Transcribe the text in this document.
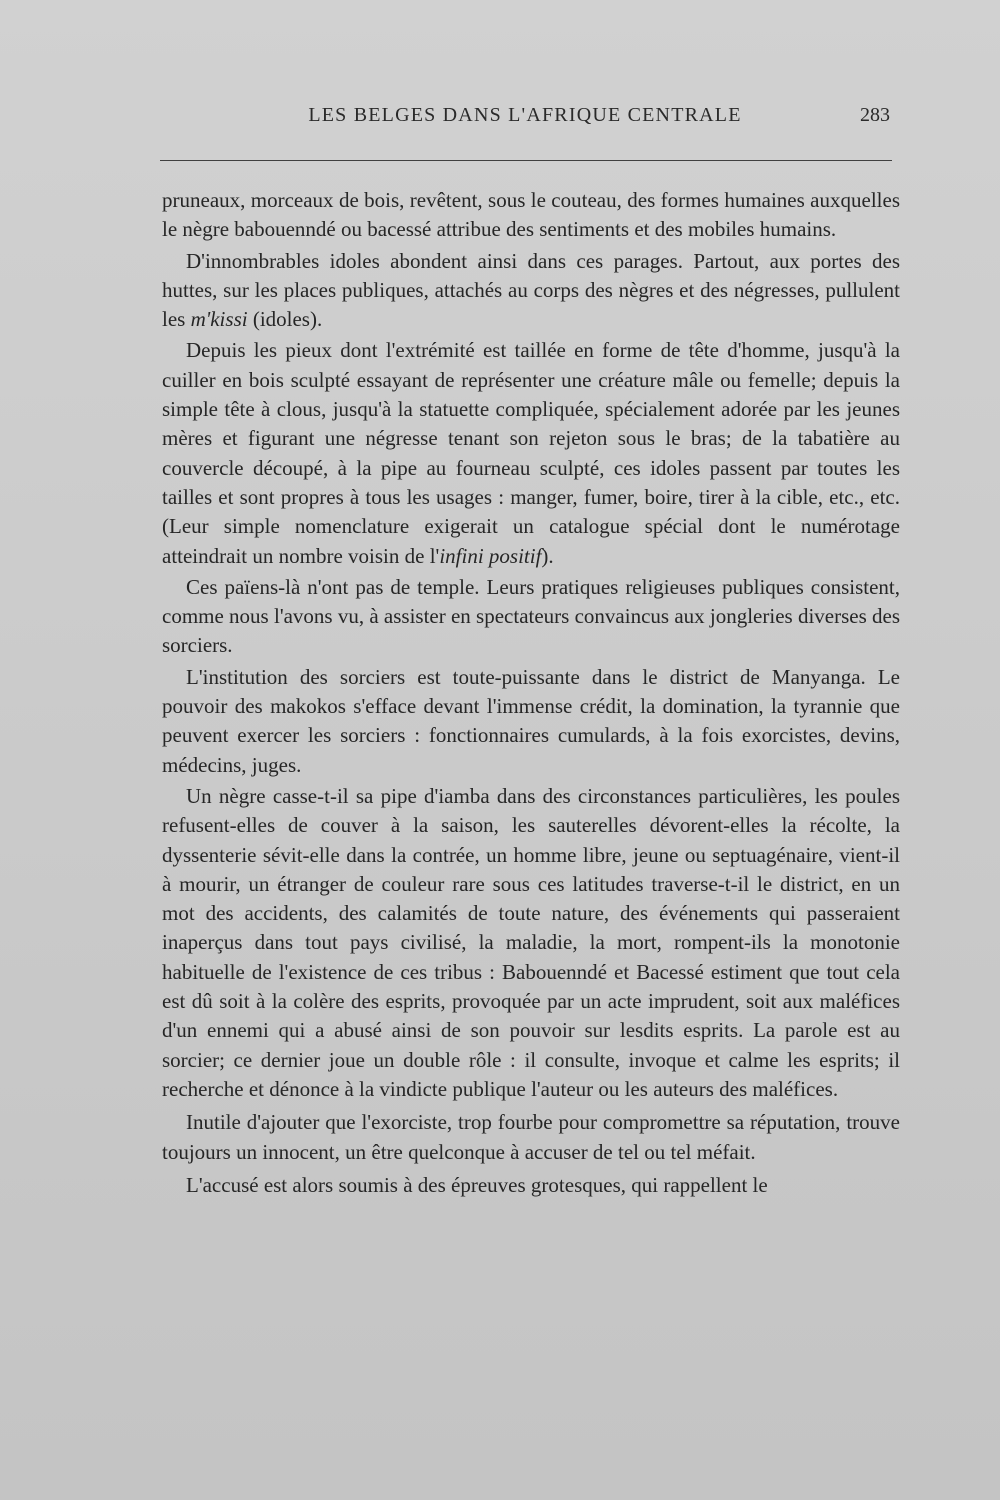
LES BELGES DANS L'AFRIQUE CENTRALE	283

pruneaux, morceaux de bois, revêtent, sous le couteau, des formes humaines auxquelles le nègre babouenndé ou bacessé attribue des sentiments et des mobiles humains.

D'innombrables idoles abondent ainsi dans ces parages. Partout, aux portes des huttes, sur les places publiques, attachés au corps des nègres et des négresses, pullulent les m'kissi (idoles).

Depuis les pieux dont l'extrémité est taillée en forme de tête d'homme, jusqu'à la cuiller en bois sculpté essayant de représenter une créature mâle ou femelle; depuis la simple tête à clous, jusqu'à la statuette compliquée, spécialement adorée par les jeunes mères et figurant une négresse tenant son rejeton sous le bras; de la tabatière au couvercle découpé, à la pipe au fourneau sculpté, ces idoles passent par toutes les tailles et sont propres à tous les usages : manger, fumer, boire, tirer à la cible, etc., etc. (Leur simple nomenclature exigerait un catalogue spécial dont le numérotage atteindrait un nombre voisin de l'infini positif).

Ces païens-là n'ont pas de temple. Leurs pratiques religieuses publiques consistent, comme nous l'avons vu, à assister en spectateurs convaincus aux jongleries diverses des sorciers.

L'institution des sorciers est toute-puissante dans le district de Manyanga. Le pouvoir des makokos s'efface devant l'immense crédit, la domination, la tyrannie que peuvent exercer les sorciers : fonctionnaires cumulards, à la fois exorcistes, devins, médecins, juges.

Un nègre casse-t-il sa pipe d'iamba dans des circonstances particulières, les poules refusent-elles de couver à la saison, les sauterelles dévorent-elles la récolte, la dyssenterie sévit-elle dans la contrée, un homme libre, jeune ou septuagénaire, vient-il à mourir, un étranger de couleur rare sous ces latitudes traverse-t-il le district, en un mot des accidents, des calamités de toute nature, des événements qui passeraient inaperçus dans tout pays civilisé, la maladie, la mort, rompent-ils la monotonie habituelle de l'existence de ces tribus : Babouenndé et Bacessé estiment que tout cela est dû soit à la colère des esprits, provoquée par un acte imprudent, soit aux maléfices d'un ennemi qui a abusé ainsi de son pouvoir sur lesdits esprits. La parole est au sorcier; ce dernier joue un double rôle : il consulte, invoque et calme les esprits; il recherche et dénonce à la vindicte publique l'auteur ou les auteurs des maléfices.

Inutile d'ajouter que l'exorciste, trop fourbe pour compromettre sa réputation, trouve toujours un innocent, un être quelconque à accuser de tel ou tel méfait.

L'accusé est alors soumis à des épreuves grotesques, qui rappellent le
